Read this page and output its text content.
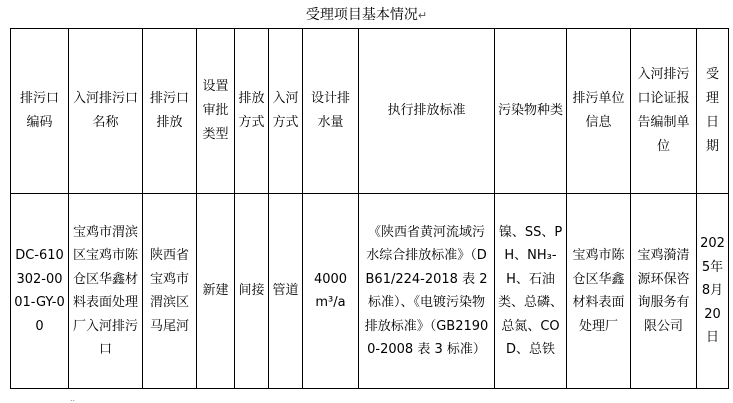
受理项目基本情况↵
排污口编码	入河排污口名称	排污口排放	设置审批类型	排放方式	入河方式	设计排水量	执行排放标准	污染物种类	排污单位信息	入河排污口论证报告编制单位	受理日期
DC-610302-0001-GY-00	宝鸡市渭滨区宝鸡市陈仓区华鑫材料表面处理厂入河排污口	陕西省宝鸡市渭滨区马尾河	新建	间接	管道	4000 m³/a	《陕西省黄河流域污水综合排放标准》（DB61/224-2018 表 2 标准）、《电镀污染物排放标准》（GB21900-2008 表 3 标准）	镍、SS、PH、NH₃-H、石油类、总磷、总氮、COD、总铁	宝鸡市陈仓区华鑫材料表面处理厂	宝鸡漪清源环保咨询服务有限公司	2025年8月20日
..
